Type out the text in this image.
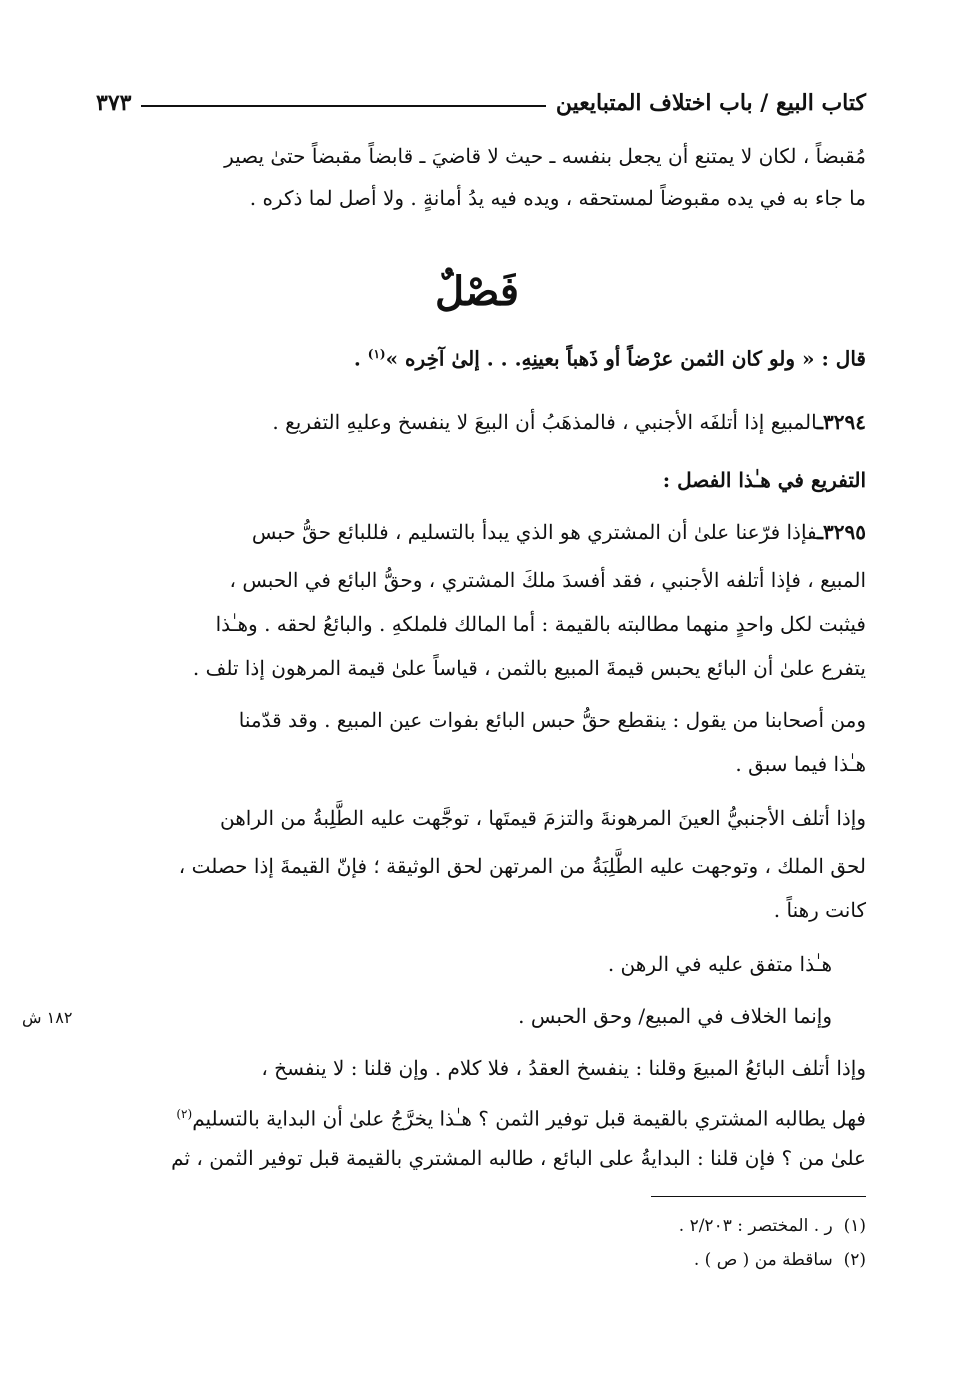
كتاب البيع / باب اختلاف المتبايعين
٣٧٣
مُقبضاً ، لكان لا يمتنع أن يجعل بنفسه ـ حيث لا قاضيَ ـ قابضاً مقبضاً حتىٰ يصير
ما جاء به في يده مقبوضاً لمستحقه ، ويده فيه يدُ أمانةٍ . ولا أصل لما ذكره .
فَصْلٌ
قال : « ولو كان الثمن عرْضاً أو ذَهباً بعينِهِ. . . إلىٰ آخِره »$^{(١)}$ .
٣٢٩٤ـالمبيع إذا أتلفَه الأجنبي ، فالمذهَبُ أن البيعَ لا ينفسخ وعليهِ التفريع .
التفريع في هـٰذا الفصل :
٣٢٩٥ـفإذا فرّعنا علىٰ أن المشتري هو الذي يبدأ بالتسليم ، فللبائع حقُّ حبس
المبيع ، فإذا أتلفه الأجنبي ، فقد أفسدَ ملكَ المشتري ، وحقُّ البائع في الحبس ،
فيثبت لكل واحدٍ منهما مطالبته بالقيمة : أما المالك فلملكهِ . والبائعُ لحقه . وهـٰذا
يتفرع علىٰ أن البائع يحبس قيمةَ المبيع بالثمن ، قياساً علىٰ قيمة المرهون إذا تلف .
ومن أصحابنا من يقول : ينقطع حقُّ حبس البائع بفوات عين المبيع . وقد قدّمنا
هـٰذا فيما سبق .
وإذا أتلف الأجنبيُّ العينَ المرهونةَ والتزمَ قيمتَها ، توجَّهت عليه الطَّلِبةُ من الراهن
لحق الملك ، وتوجهت عليه الطَّلِبَةُ من المرتهن لحق الوثيقة ؛ فإنّ القيمةَ إذا حصلت ،
كانت رهناً .
هـٰذا متفق عليه في الرهن .
وإنما الخلاف في المبيع/ وحق الحبس .
١٨٢ ش
وإذا أتلف البائعُ المبيعَ وقلنا : ينفسخ العقدُ ، فلا كلام . وإن قلنا : لا ينفسخ ،
فهل يطالبه المشتري بالقيمة قبل توفير الثمن ؟ هـٰذا يخرَّجُ علىٰ أن البداية بالتسليم$^{(٢)}$
علىٰ من ؟ فإن قلنا : البدايةُ على البائع ، طالبه المشتري بالقيمة قبل توفير الثمن ، ثم
(١)  ر . المختصر : ٢/٢٠٣ .
(٢)  ساقطة من ( ص ) .
